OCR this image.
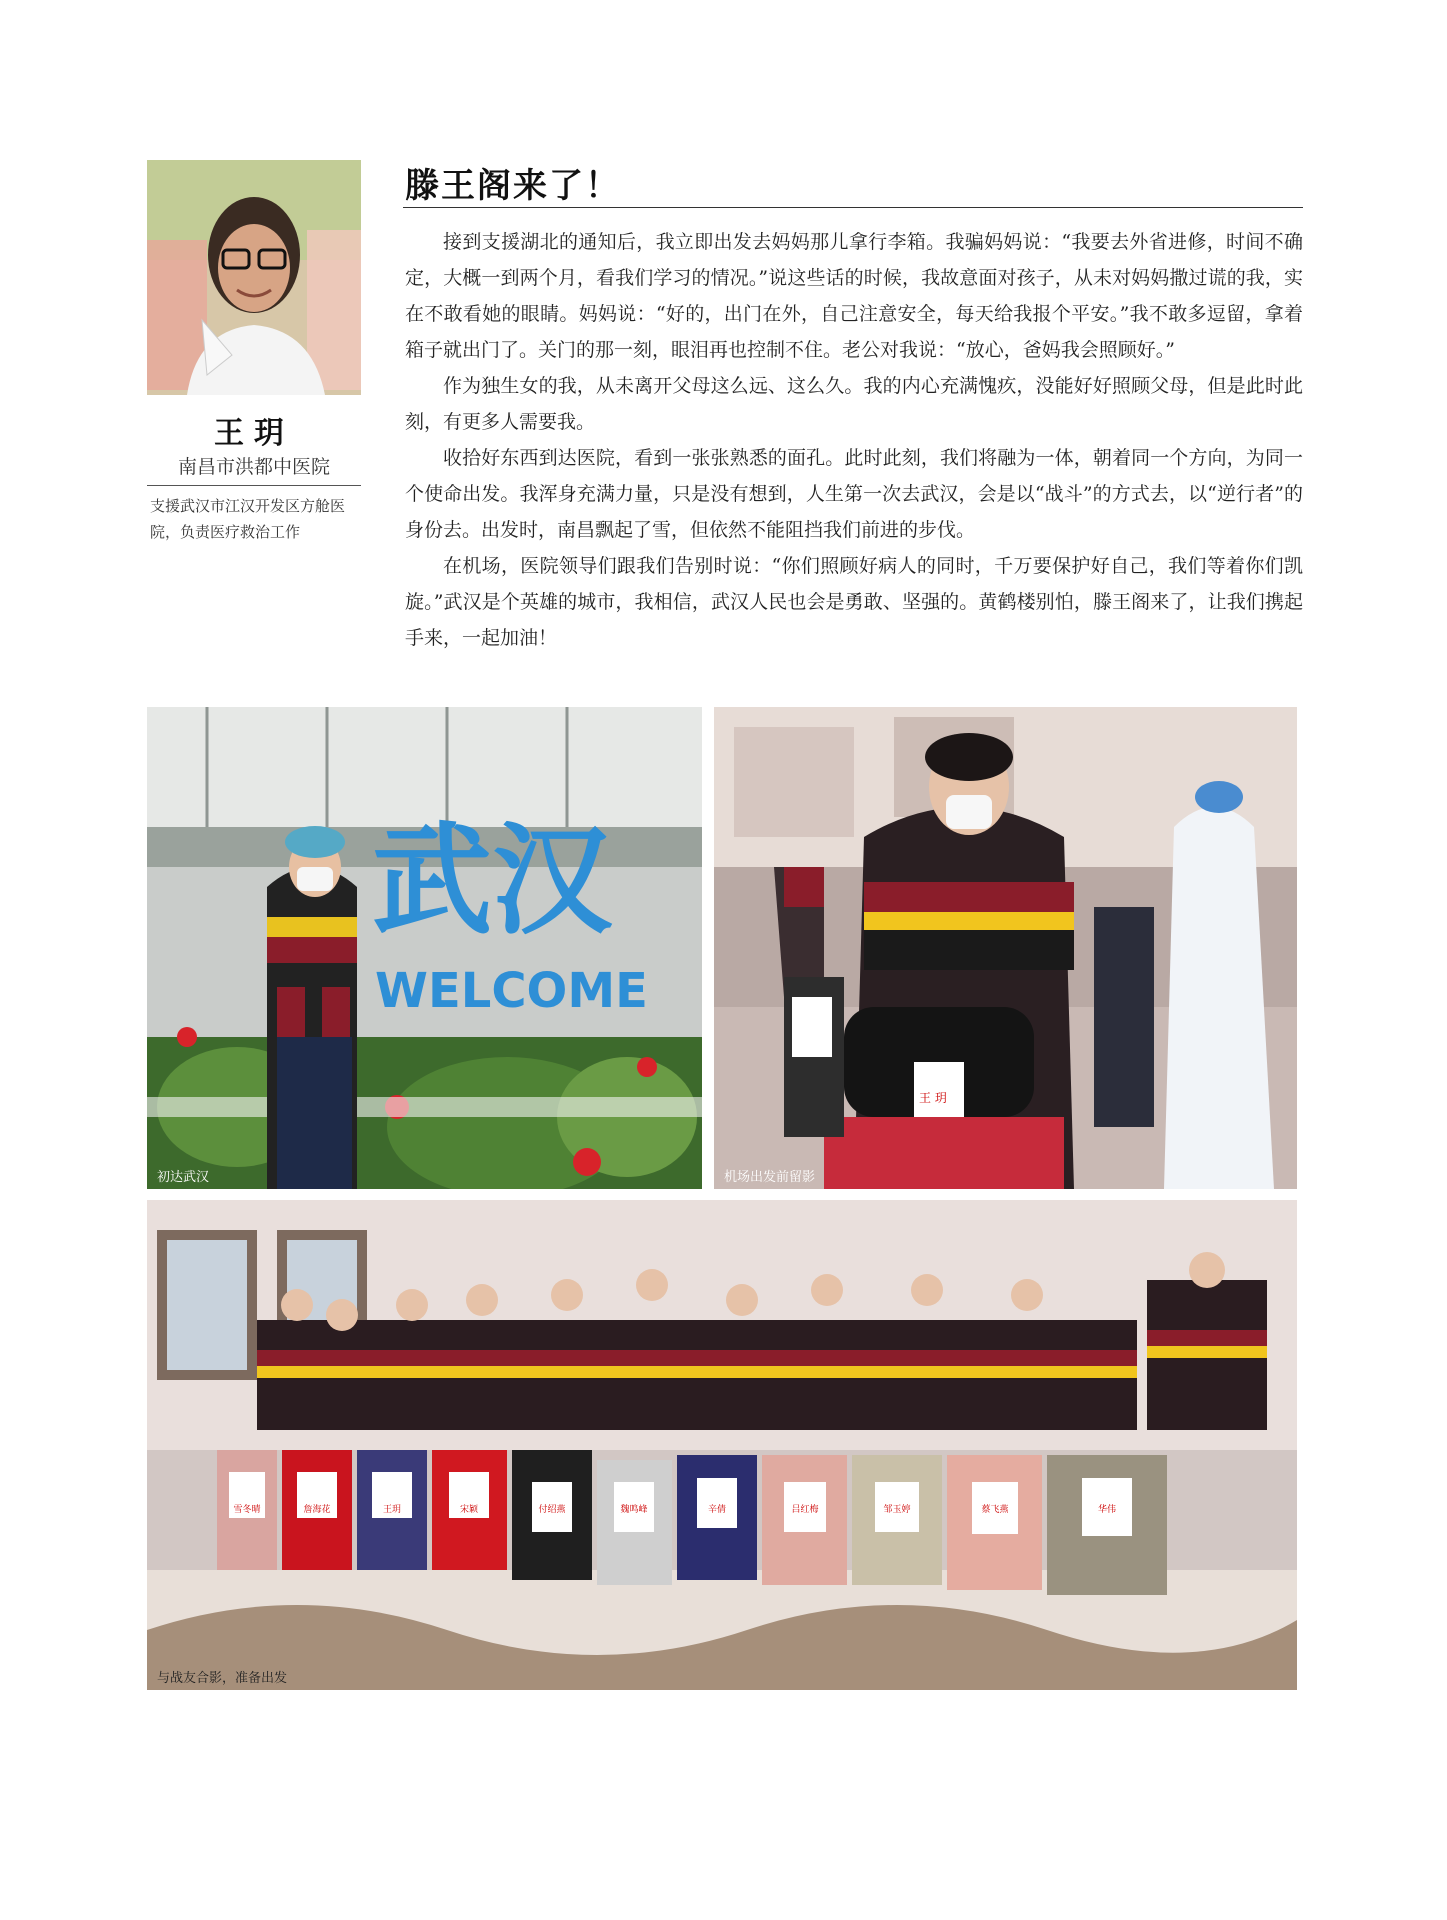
王玥
南昌市洪都中医院
支援武汉市江汉开发区方舱医院，负责医疗救治工作
滕王阁来了！

接到支援湖北的通知后，我立即出发去妈妈那儿拿行李箱。我骗妈妈说：“我要去外省进修，时间不确定，大概一到两个月，看我们学习的情况。”说这些话的时候，我故意面对孩子，从未对妈妈撒过谎的我，实在不敢看她的眼睛。妈妈说：“好的，出门在外，自己注意安全，每天给我报个平安。”我不敢多逗留，拿着箱子就出门了。关门的那一刻，眼泪再也控制不住。老公对我说：“放心，爸妈我会照顾好。”

作为独生女的我，从未离开父母这么远、这么久。我的内心充满愧疚，没能好好照顾父母，但是此时此刻，有更多人需要我。

收拾好东西到达医院，看到一张张熟悉的面孔。此时此刻，我们将融为一体，朝着同一个方向，为同一个使命出发。我浑身充满力量，只是没有想到，人生第一次去武汉，会是以“战斗”的方式去，以“逆行者”的身份去。出发时，南昌飘起了雪，但依然不能阻挡我们前进的步伐。

在机场，医院领导们跟我们告别时说：“你们照顾好病人的同时，千万要保护好自己，我们等着你们凯旋。”武汉是个英雄的城市，我相信，武汉人民也会是勇敢、坚强的。黄鹤楼别怕，滕王阁来了，让我们携起手来，一起加油！

武汉
WELCOME
初达武汉
王 玥
机场出发前留影
与战友合影，准备出发
雪冬晴	詹海花	王玥	宋颖	付绍燕	魏鸣峰	辛倩	吕红梅	邹玉婷	蔡飞燕	华伟
